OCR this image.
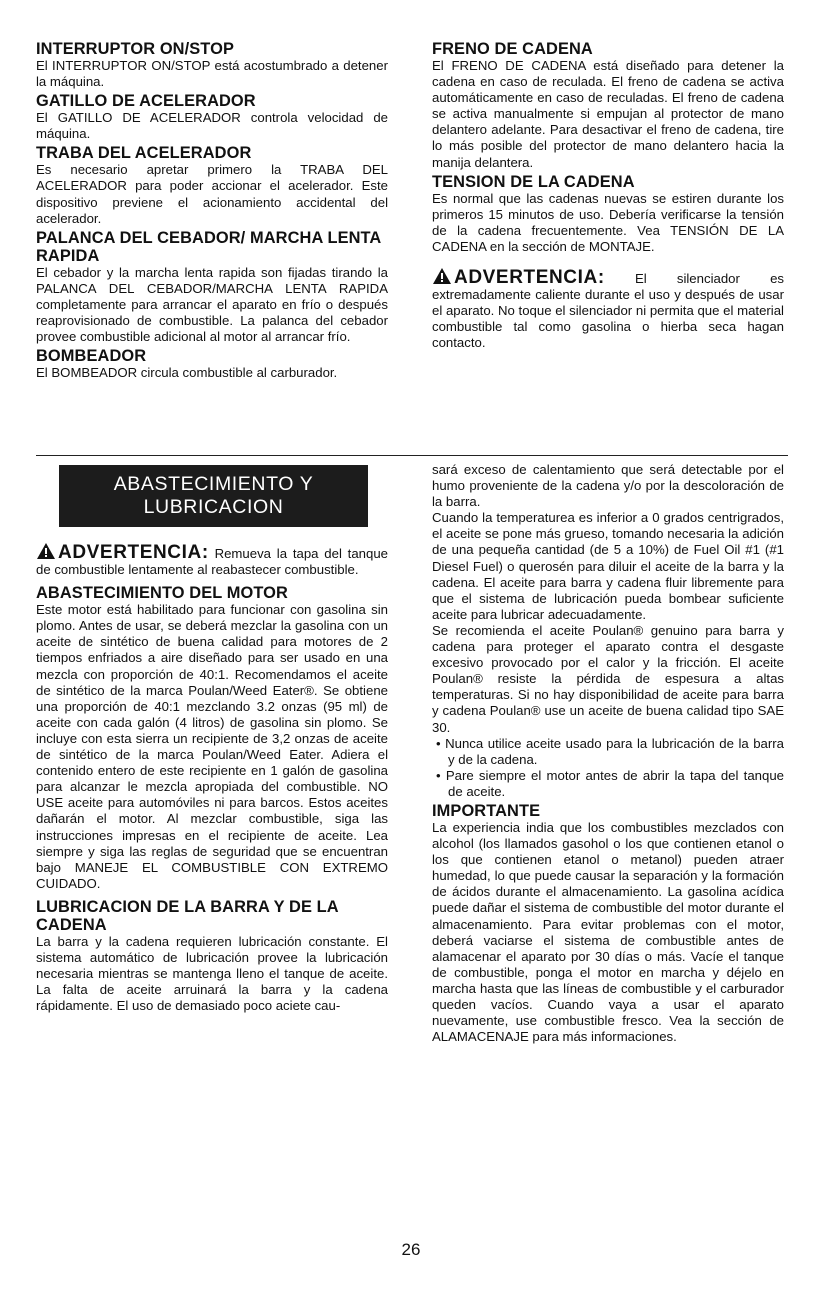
INTERRUPTOR ON/STOP

El INTERRUPTOR ON/STOP está acostumbrado a detener la máquina.

GATILLO DE ACELERADOR

El GATILLO DE ACELERADOR controla velocidad de máquina.

TRABA DEL ACELERADOR

Es necesario apretar primero la TRABA DEL ACELERADOR para poder accionar el acelerador. Este dispositivo previene el acionamiento accidental del acelerador.

PALANCA DEL CEBADOR/ MARCHA LENTA RAPIDA

El cebador y la marcha lenta rapida son fijadas tirando la PALANCA DEL CEBADOR/MARCHA LENTA RAPIDA completamente para arrancar el aparato en frío o después reaprovisionado de combustible. La palanca del cebador provee combustible adicional al motor al arrancar frío.

BOMBEADOR

El BOMBEADOR circula combustible al carburador.

FRENO DE CADENA

El FRENO DE CADENA está diseñado para detener la cadena en caso de reculada. El freno de cadena se activa automáticamente en caso de reculadas. El freno de cadena se activa manualmente si empujan al protector de mano delantero adelante. Para desactivar el freno de cadena, tire lo más posible del protector de mano delantero hacia la manija delantera.

TENSION DE LA CADENA

Es normal que las cadenas nuevas se estiren durante los primeros 15 minutos de uso. Debería verificarse la tensión de la cadena frecuentemente. Vea TENSIÓN DE LA CADENA en la sección de MONTAJE.

ADVERTENCIA: El silenciador es extremadamente caliente durante el uso y después de usar el aparato. No toque el silenciador ni permita que el material combustible tal como gasolina o hierba seca hagan contacto.

ABASTECIMIENTO Y
LUBRICACION

ADVERTENCIA: Remueva la tapa del tanque de combustible lentamente al reabastecer combustible.

ABASTECIMIENTO DEL MOTOR

Este motor está habilitado para funcionar con gasolina sin plomo. Antes de usar, se deberá mezclar la gasolina con un aceite de sintético de buena calidad para motores de 2 tiempos enfriados a aire diseñado para ser usado en una mezcla con proporción de 40:1. Recomendamos el aceite de sintético de la marca Poulan/Weed Eater®. Se obtiene una proporción de 40:1 mezclando 3.2 onzas (95 ml) de aceite con cada galón (4 litros) de gasolina sin plomo. Se incluye con esta sierra un recipiente de 3,2 onzas de aceite de sintético de la marca Poulan/Weed Eater. Adiera el contenido entero de este recipiente en 1 galón de gasolina para alcanzar le mezcla apropiada del combustible. NO USE aceite para automóviles ni para barcos. Estos aceites dañarán el motor. Al mezclar combustible, siga las instrucciones impresas en el recipiente de aceite. Lea siempre y siga las reglas de seguridad que se encuentran bajo MANEJE EL COMBUSTIBLE CON EXTREMO CUIDADO.

LUBRICACION DE LA BARRA Y DE LA CADENA

La barra y la cadena requieren lubricación constante. El sistema automático de lubricación provee la lubricación necesaria mientras se mantenga lleno el tanque de aceite. La falta de aceite arruinará la barra y la cadena rápidamente. El uso de demasiado poco aciete cau-

sará exceso de calentamiento que será detectable por el humo proveniente de la cadena y/o por la descoloración de la barra.

Cuando la temperaturea es inferior a 0 grados centrigrados, el aceite se pone más grueso, tomando necesaria la adición de una pequeña cantidad (de 5 a 10%) de Fuel Oil #1 (#1 Diesel Fuel) o querosén para diluir el aceite de la barra y la cadena. El aceite para barra y cadena fluir libremente para que el sistema de lubricación pueda bombear suficiente aceite para lubricar adecuadamente.

Se recomienda el aceite Poulan® genuino para barra y cadena para proteger el aparato contra el desgaste excesivo provocado por el calor y la fricción. El aceite Poulan® resiste la pérdida de espesura a altas temperaturas. Si no hay disponibilidad de aceite para barra y cadena Poulan® use un aceite de buena calidad tipo SAE 30.

• Nunca utilice aceite usado para la lubricación de la barra y de la cadena.

• Pare siempre el motor antes de abrir la tapa del tanque de aceite.

IMPORTANTE

La experiencia india que los combustibles mezclados con alcohol (los llamados gasohol o los que contienen etanol o los que contienen etanol o metanol) pueden atraer humedad, lo que puede causar la separación y la formación de ácidos durante el almacenamiento. La gasolina acídica puede dañar el sistema de combustible del motor durante el almacenamiento. Para evitar problemas con el motor, deberá vaciarse el sistema de combustible antes de alamacenar el aparato por 30 días o más. Vacíe el tanque de combustible, ponga el motor en marcha y déjelo en marcha hasta que las líneas de combustible y el carburador queden vacíos. Cuando vaya a usar el aparato nuevamente, use combustible fresco. Vea la sección de ALAMACENAJE para más informaciones.

26
